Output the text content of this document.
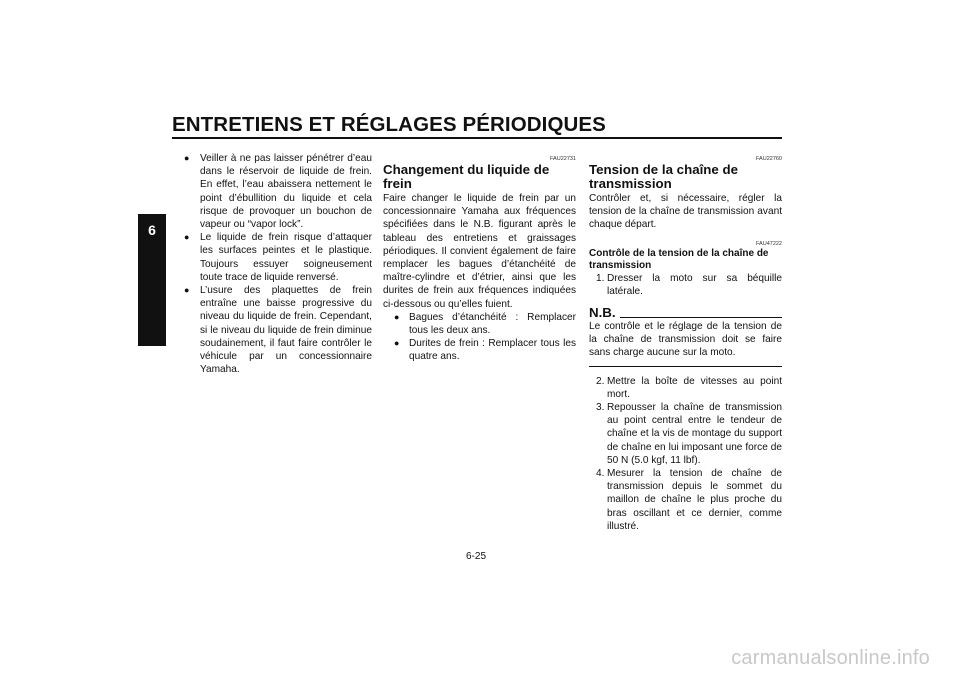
ENTRETIENS ET RÉGLAGES PÉRIODIQUES
6
● Veiller à ne pas laisser pénétrer d’eau dans le réservoir de liquide de frein. En effet, l’eau abaissera nettement le point d’ébullition du liquide et cela risque de provoquer un bouchon de vapeur ou “vapor lock”.
● Le liquide de frein risque d’attaquer les surfaces peintes et le plastique. Toujours essuyer soigneusement toute trace de liquide renversé.
● L’usure des plaquettes de frein entraîne une baisse progressive du niveau du liquide de frein. Cependant, si le niveau du liquide de frein diminue soudainement, il faut faire contrôler le véhicule par un concessionnaire Yamaha.
FAU22731
Changement du liquide de frein

Faire changer le liquide de frein par un concessionnaire Yamaha aux fréquences spécifiées dans le N.B. figurant après le tableau des entretiens et graissages périodiques. Il convient également de faire remplacer les bagues d’étanchéité de maître-cylindre et d’étrier, ainsi que les durites de frein aux fréquences indiquées ci-dessous ou qu’elles fuient.

● Bagues d’étanchéité : Remplacer tous les deux ans.
● Durites de frein : Remplacer tous les quatre ans.
FAU22760
Tension de la chaîne de transmission

Contrôler et, si nécessaire, régler la tension de la chaîne de transmission avant chaque départ.

FAU47222
Contrôle de la tension de la chaîne de transmission
1. Dresser la moto sur sa béquille latérale.
N.B.

Le contrôle et le réglage de la tension de la chaîne de transmission doit se faire sans charge aucune sur la moto.

2. Mettre la boîte de vitesses au point mort.
3. Repousser la chaîne de transmission au point central entre le tendeur de chaîne et la vis de montage du support de chaîne en lui imposant une force de 50 N (5.0 kgf, 11 lbf).
4. Mesurer la tension de chaîne de transmission depuis le sommet du maillon de chaîne le plus proche du bras oscillant et ce dernier, comme illustré.
6-25
carmanualsonline.info
